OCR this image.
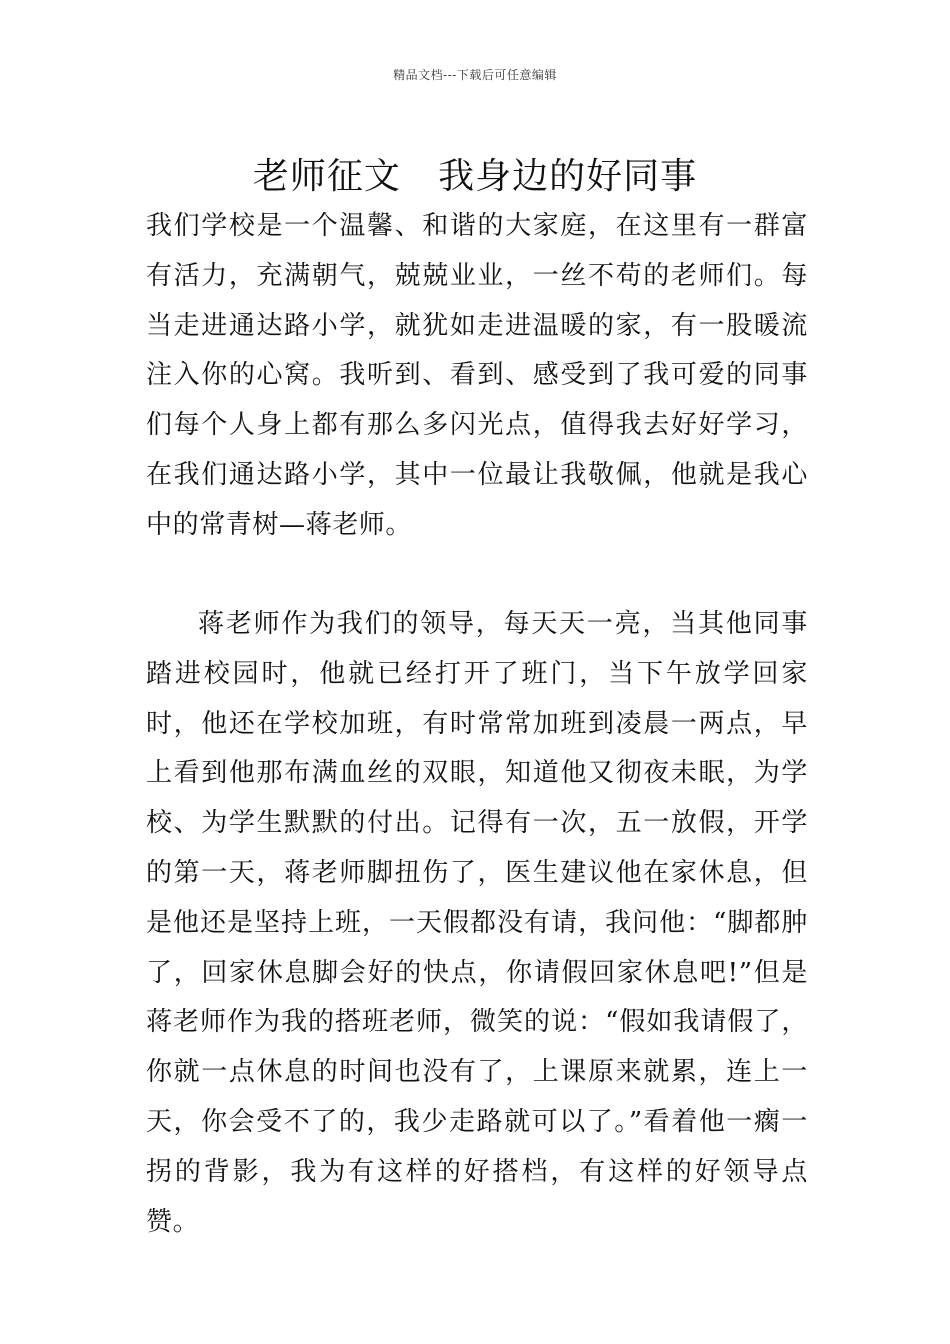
精品文档---下载后可任意编辑
老师征文   我身边的好同事

我们学校是一个温馨、和谐的大家庭，在这里有一群富有活力，充满朝气，兢兢业业，一丝不苟的老师们。每当走进通达路小学，就犹如走进温暖的家，有一股暖流注入你的心窝。我听到、看到、感受到了我可爱的同事们每个人身上都有那么多闪光点，值得我去好好学习，在我们通达路小学，其中一位最让我敬佩，他就是我心中的常青树—蒋老师。

蒋老师作为我们的领导，每天天一亮，当其他同事踏进校园时，他就已经打开了班门，当下午放学回家时，他还在学校加班，有时常常加班到凌晨一两点，早上看到他那布满血丝的双眼，知道他又彻夜未眠，为学校、为学生默默的付出。记得有一次，五一放假，开学的第一天，蒋老师脚扭伤了，医生建议他在家休息，但是他还是坚持上班，一天假都没有请，我问他：“脚都肿了，回家休息脚会好的快点，你请假回家休息吧!”但是蒋老师作为我的搭班老师，微笑的说：“假如我请假了，你就一点休息的时间也没有了，上课原来就累，连上一天，你会受不了的，我少走路就可以了。”看着他一瘸一拐的背影，我为有这样的好搭档，有这样的好领导点赞。
